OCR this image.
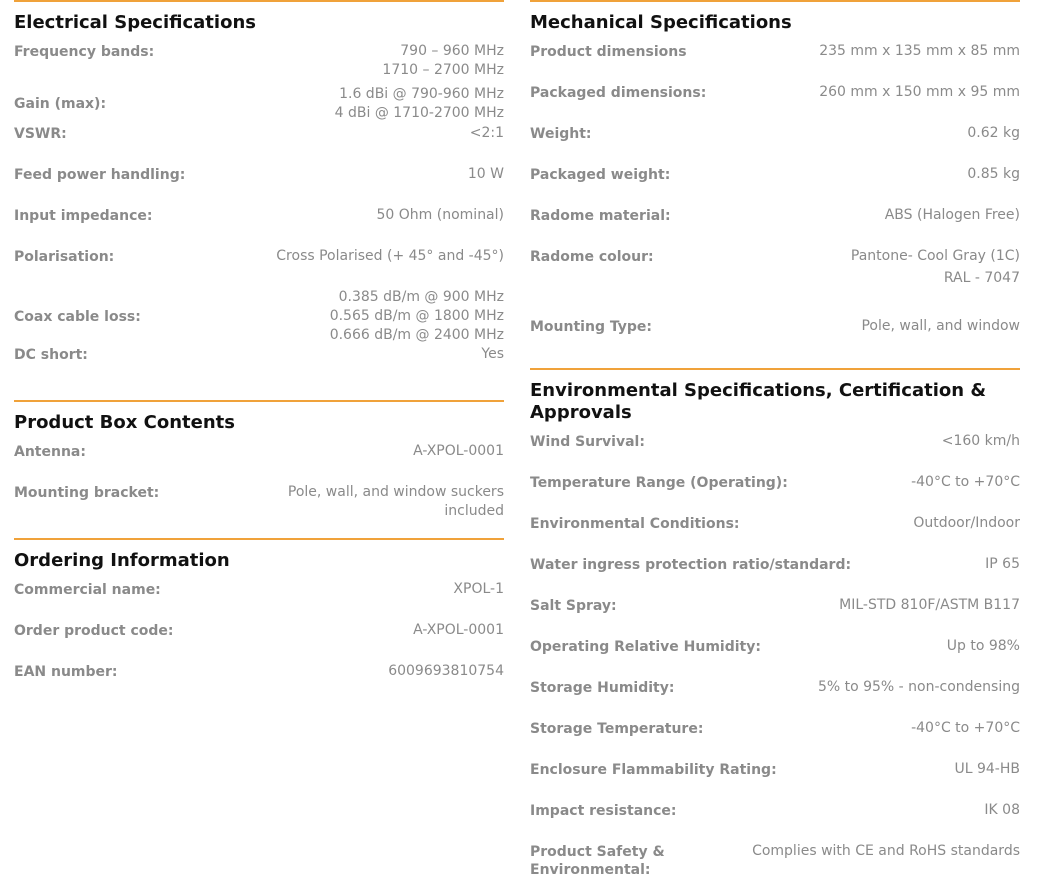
Electrical Specifications
Frequency bands:	790 – 960 MHz
1710 – 2700 MHz
Gain (max):
1.6 dBi @ 790-960 MHz
4 dBi @ 1710-2700 MHz
VSWR:	<2:1
Feed power handling:	10 W
Input impedance:	50 Ohm (nominal)
Polarisation:	Cross Polarised (+ 45° and -45°)
Coax cable loss:
0.385 dB/m @ 900 MHz
0.565 dB/m @ 1800 MHz
0.666 dB/m @ 2400 MHz
DC short:	Yes
Product Box Contents
Antenna:	A-XPOL-0001
Mounting bracket:	Pole, wall, and window suckers
included
Ordering Information
Commercial name:	XPOL-1
Order product code:	A-XPOL-0001
EAN number:	6009693810754
Mechanical Specifications
Product dimensions	235 mm x 135 mm x 85 mm
Packaged dimensions:	260 mm x 150 mm x 95 mm
Weight:	0.62 kg
Packaged weight:	0.85 kg
Radome material:	ABS (Halogen Free)
Radome colour:	Pantone- Cool Gray (1C)
RAL - 7047
Mounting Type:	Pole, wall, and window
Environmental Specifications, Certification & Approvals
Wind Survival:	<160 km/h
Temperature Range (Operating):	-40°C to +70°C
Environmental Conditions:	Outdoor/Indoor
Water ingress protection ratio/standard:	IP 65
Salt Spray:	MIL-STD 810F/ASTM B117
Operating Relative Humidity:	Up to 98%
Storage Humidity:	5% to 95% - non-condensing
Storage Temperature:	-40°C to +70°C
Enclosure Flammability Rating:	UL 94-HB
Impact resistance:	IK 08
Product Safety & Environmental:
Complies with CE and RoHS standards
